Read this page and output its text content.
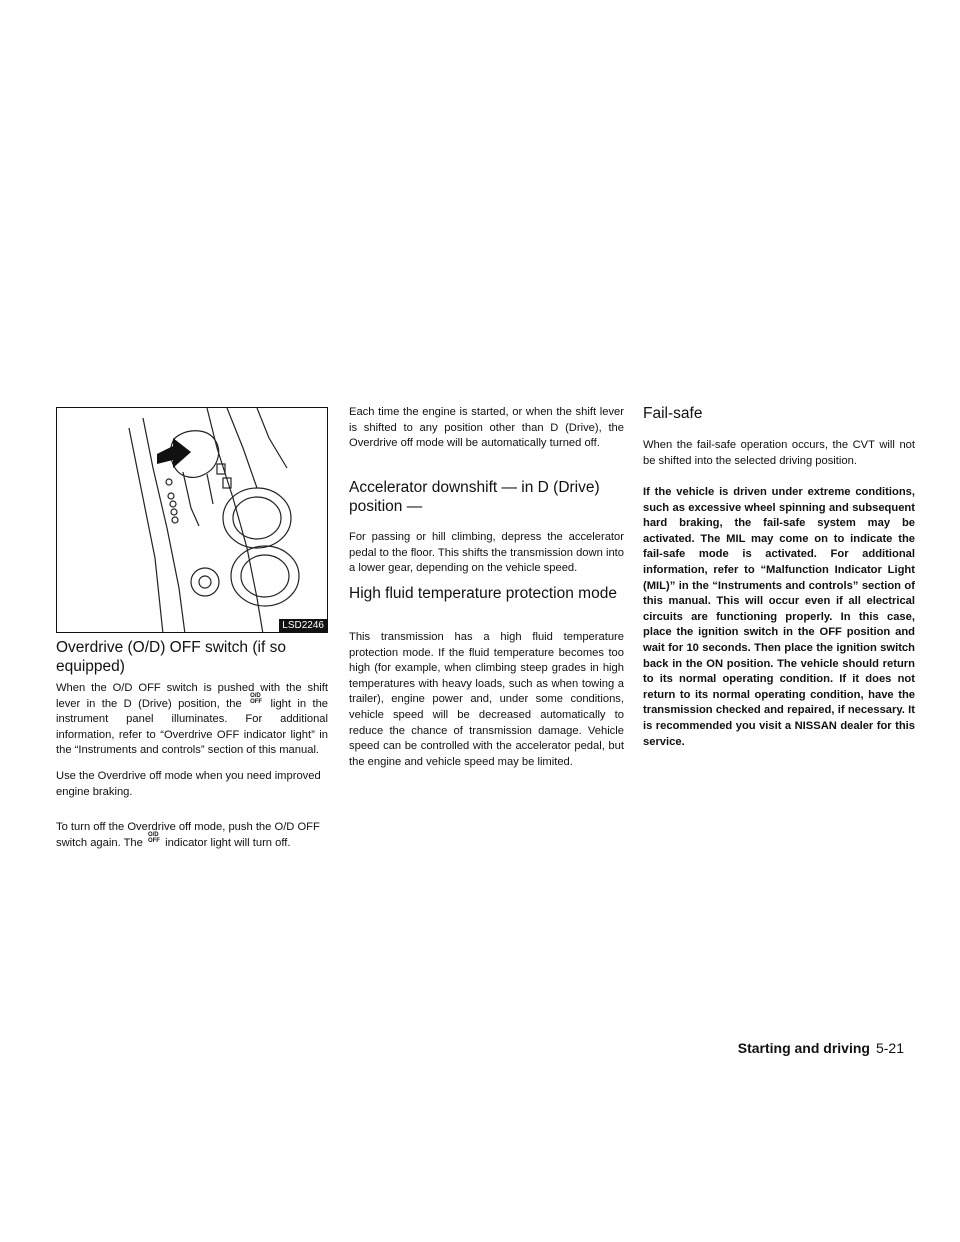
LSD2246
Overdrive (O/D) OFF switch (if so equipped)

When the O/D OFF switch is pushed with the shift lever in the D (Drive) position, the O/D
OFF light in the instrument panel illuminates. For additional information, refer to “Overdrive OFF indicator light” in the “Instruments and controls” section of this manual.

Use the Overdrive off mode when you need improved engine braking.

To turn off the Overdrive off mode, push the O/D OFF switch again. The O/D
OFF indicator light will turn off.

Each time the engine is started, or when the shift lever is shifted to any position other than D (Drive), the Overdrive off mode will be automatically turned off.

Accelerator downshift — in D (Drive) position —

For passing or hill climbing, depress the accelerator pedal to the floor. This shifts the transmission down into a lower gear, depending on the vehicle speed.

High fluid temperature protection mode

This transmission has a high fluid temperature protection mode. If the fluid temperature becomes too high (for example, when climbing steep grades in high temperatures with heavy loads, such as when towing a trailer), engine power and, under some conditions, vehicle speed will be decreased automatically to reduce the chance of transmission damage. Vehicle speed can be controlled with the accelerator pedal, but the engine and vehicle speed may be limited.

Fail-safe

When the fail-safe operation occurs, the CVT will not be shifted into the selected driving position.

If the vehicle is driven under extreme conditions, such as excessive wheel spinning and subsequent hard braking, the fail-safe system may be activated. The MIL may come on to indicate the fail-safe mode is activated. For additional information, refer to “Malfunction Indicator Light (MIL)” in the “Instruments and controls” section of this manual. This will occur even if all electrical circuits are functioning properly. In this case, place the ignition switch in the OFF position and wait for 10 seconds. Then place the ignition switch back in the ON position. The vehicle should return to its normal operating condition. If it does not return to its normal operating condition, have the transmission checked and repaired, if necessary. It is recommended you visit a NISSAN dealer for this service.

Starting and driving 5-21
